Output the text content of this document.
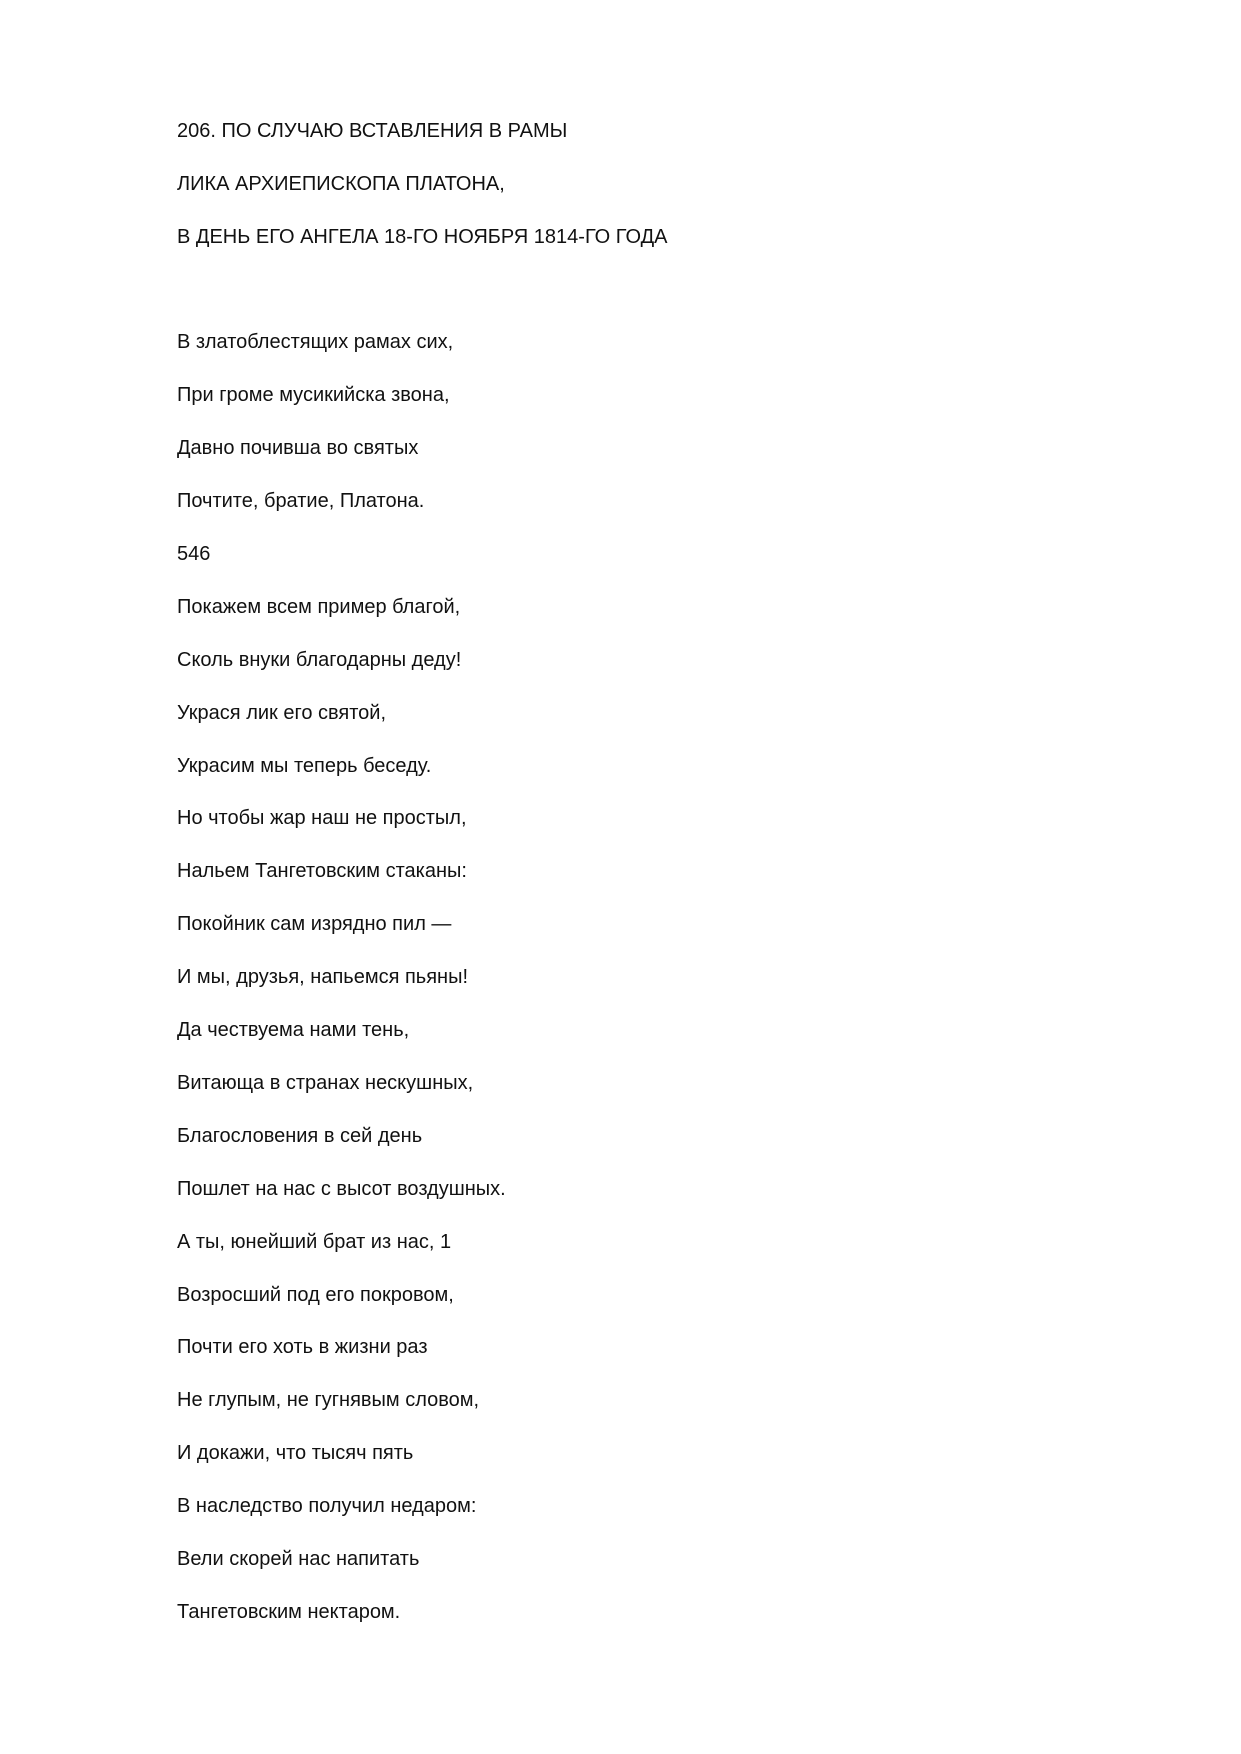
206. ПО СЛУЧАЮ ВСТАВЛЕНИЯ В РАМЫ

ЛИКА АРХИЕПИСКОПА ПЛАТОНА,

В ДЕНЬ ЕГО АНГЕЛА 18-ГО НОЯБРЯ 1814-ГО ГОДА

В златоблестящих рамах сих,

При громе мусикийска звона,

Давно почивша во святых

Почтите, братие, Платона.

546

Покажем всем пример благой,

Сколь внуки благодарны деду!

Украся лик его святой,

Украсим мы теперь беседу.

Но чтобы жар наш не простыл,

Нальем Тангетовским стаканы:

Покойник сам изрядно пил —

И мы, друзья, напьемся пьяны!

Да чествуема нами тень,

Витающа в странах нескушных,

Благословения в сей день

Пошлет на нас с высот воздушных.

А ты, юнейший брат из нас, 1

Возросший под его покровом,

Почти его хоть в жизни раз

Не глупым, не гугнявым словом,

И докажи, что тысяч пять

В наследство получил недаром:

Вели скорей нас напитать

Тангетовским нектаром.
